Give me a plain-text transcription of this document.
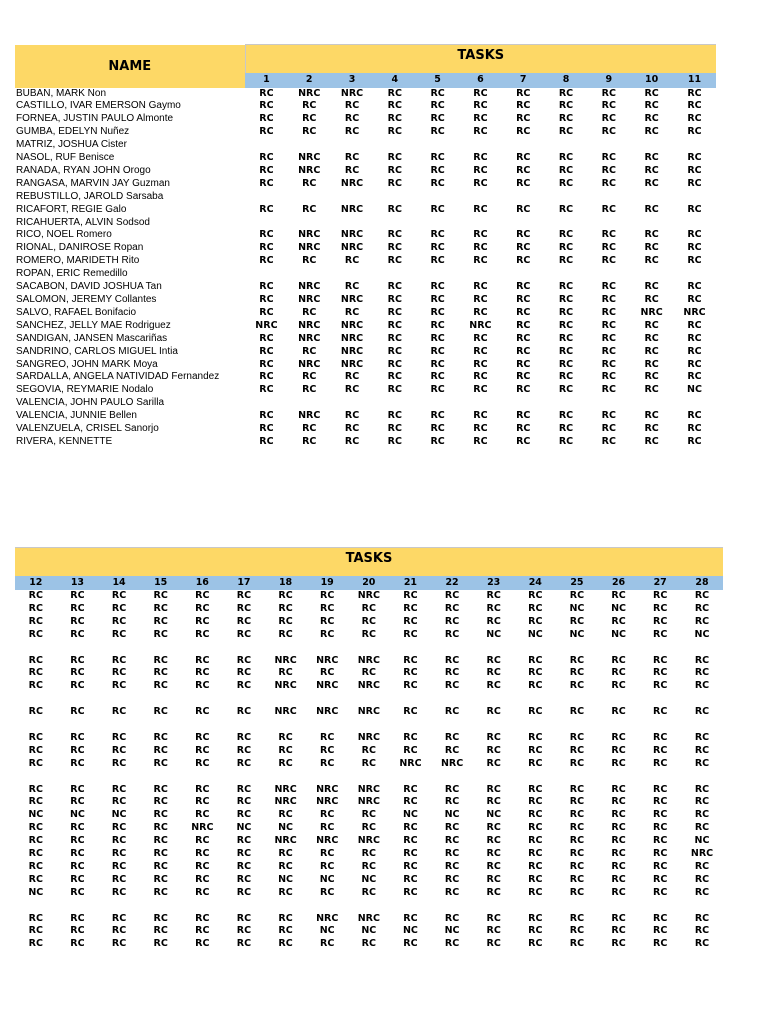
NAME	TASKS										
	1	2	3	4	5	6	7	8	9	10	11
BUBAN, MARK Non	RC	NRC	NRC	RC	RC	RC	RC	RC	RC	RC	RC
CASTILLO, IVAR EMERSON Gaymo	RC	RC	RC	RC	RC	RC	RC	RC	RC	RC	RC
FORNEA, JUSTIN PAULO Almonte	RC	RC	RC	RC	RC	RC	RC	RC	RC	RC	RC
GUMBA, EDELYN Nuñez	RC	RC	RC	RC	RC	RC	RC	RC	RC	RC	RC
MATRIZ, JOSHUA Cister											
NASOL, RUF Benisce	RC	NRC	RC	RC	RC	RC	RC	RC	RC	RC	RC
RAÑADA, RYAN JOHN Orogo	RC	NRC	RC	RC	RC	RC	RC	RC	RC	RC	RC
RANGASA, MARVIN JAY Guzman	RC	RC	NRC	RC	RC	RC	RC	RC	RC	RC	RC
REBUSTILLO, JAROLD Sarsaba											
RICAFORT, REGIE Galo	RC	RC	NRC	RC	RC	RC	RC	RC	RC	RC	RC
RICAHUERTA, ALVIN Sodsod											
RICO, NOEL Romero	RC	NRC	NRC	RC	RC	RC	RC	RC	RC	RC	RC
RIONAL, DANIROSE Ropan	RC	NRC	NRC	RC	RC	RC	RC	RC	RC	RC	RC
ROMERO, MARIDETH Rito	RC	RC	RC	RC	RC	RC	RC	RC	RC	RC	RC
ROPAN, ERIC Remedillo											
SACABON, DAVID JOSHUA Tan	RC	NRC	RC	RC	RC	RC	RC	RC	RC	RC	RC
SALOMON, JEREMY Collantes	RC	NRC	NRC	RC	RC	RC	RC	RC	RC	RC	RC
SALVO, RAFAEL Bonifacio	RC	RC	RC	RC	RC	RC	RC	RC	RC	NRC	NRC
SANCHEZ, JELLY MAE Rodriguez	NRC	NRC	NRC	RC	RC	NRC	RC	RC	RC	RC	RC
SANDIGAN, JANSEN Mascariñas	RC	NRC	NRC	RC	RC	RC	RC	RC	RC	RC	RC
SANDRINO, CARLOS MIGUEL Intia	RC	RC	NRC	RC	RC	RC	RC	RC	RC	RC	RC
SANGREO, JOHN MARK Moya	RC	NRC	NRC	RC	RC	RC	RC	RC	RC	RC	RC
SARDALLA, ANGELA NATIVIDAD Fernandez	RC	RC	RC	RC	RC	RC	RC	RC	RC	RC	RC
SEGOVIA, REYMARIE Nodalo	RC	RC	RC	RC	RC	RC	RC	RC	RC	RC	NC
VALENCIA, JOHN PAULO Sarilla											
VALENCIA, JUNNIE Bellen	RC	NRC	RC	RC	RC	RC	RC	RC	RC	RC	RC
VALENZUELA, CRISEL Sanorjo	RC	RC	RC	RC	RC	RC	RC	RC	RC	RC	RC
RIVERA, KENNETTE	RC	RC	RC	RC	RC	RC	RC	RC	RC	RC	RC
TASKS																
12	13	14	15	16	17	18	19	20	21	22	23	24	25	26	27	28
RC	RC	RC	RC	RC	RC	RC	RC	NRC	RC	RC	RC	RC	RC	RC	RC	RC
RC	RC	RC	RC	RC	RC	RC	RC	RC	RC	RC	RC	RC	NC	NC	RC	RC
RC	RC	RC	RC	RC	RC	RC	RC	RC	RC	RC	RC	RC	RC	RC	RC	RC
RC	RC	RC	RC	RC	RC	RC	RC	RC	RC	RC	NC	NC	NC	NC	RC	NC

RC	RC	RC	RC	RC	RC	NRC	NRC	NRC	RC	RC	RC	RC	RC	RC	RC	RC
RC	RC	RC	RC	RC	RC	RC	RC	RC	RC	RC	RC	RC	RC	RC	RC	RC
RC	RC	RC	RC	RC	RC	NRC	NRC	NRC	RC	RC	RC	RC	RC	RC	RC	RC

RC	RC	RC	RC	RC	RC	NRC	NRC	NRC	RC	RC	RC	RC	RC	RC	RC	RC

RC	RC	RC	RC	RC	RC	RC	RC	NRC	RC	RC	RC	RC	RC	RC	RC	RC
RC	RC	RC	RC	RC	RC	RC	RC	RC	RC	RC	RC	RC	RC	RC	RC	RC
RC	RC	RC	RC	RC	RC	RC	RC	RC	NRC	NRC	RC	RC	RC	RC	RC	RC

RC	RC	RC	RC	RC	RC	NRC	NRC	NRC	RC	RC	RC	RC	RC	RC	RC	RC
RC	RC	RC	RC	RC	RC	NRC	NRC	NRC	RC	RC	RC	RC	RC	RC	RC	RC
NC	NC	NC	RC	RC	RC	RC	RC	RC	NC	NC	NC	RC	RC	RC	RC	RC
RC	RC	RC	RC	NRC	NC	NC	RC	RC	RC	RC	RC	RC	RC	RC	RC	RC
RC	RC	RC	RC	RC	RC	NRC	NRC	NRC	RC	RC	RC	RC	RC	RC	RC	NC
RC	RC	RC	RC	RC	RC	RC	RC	RC	RC	RC	RC	RC	RC	RC	RC	NRC
RC	RC	RC	RC	RC	RC	RC	RC	RC	RC	RC	RC	RC	RC	RC	RC	RC
RC	RC	RC	RC	RC	RC	NC	NC	NC	RC	RC	RC	RC	RC	RC	RC	RC
NC	RC	RC	RC	RC	RC	RC	RC	RC	RC	RC	RC	RC	RC	RC	RC	RC

RC	RC	RC	RC	RC	RC	RC	NRC	NRC	RC	RC	RC	RC	RC	RC	RC	RC
RC	RC	RC	RC	RC	RC	RC	NC	NC	NC	NC	RC	RC	RC	RC	RC	RC
RC	RC	RC	RC	RC	RC	RC	RC	RC	RC	RC	RC	RC	RC	RC	RC	RC
